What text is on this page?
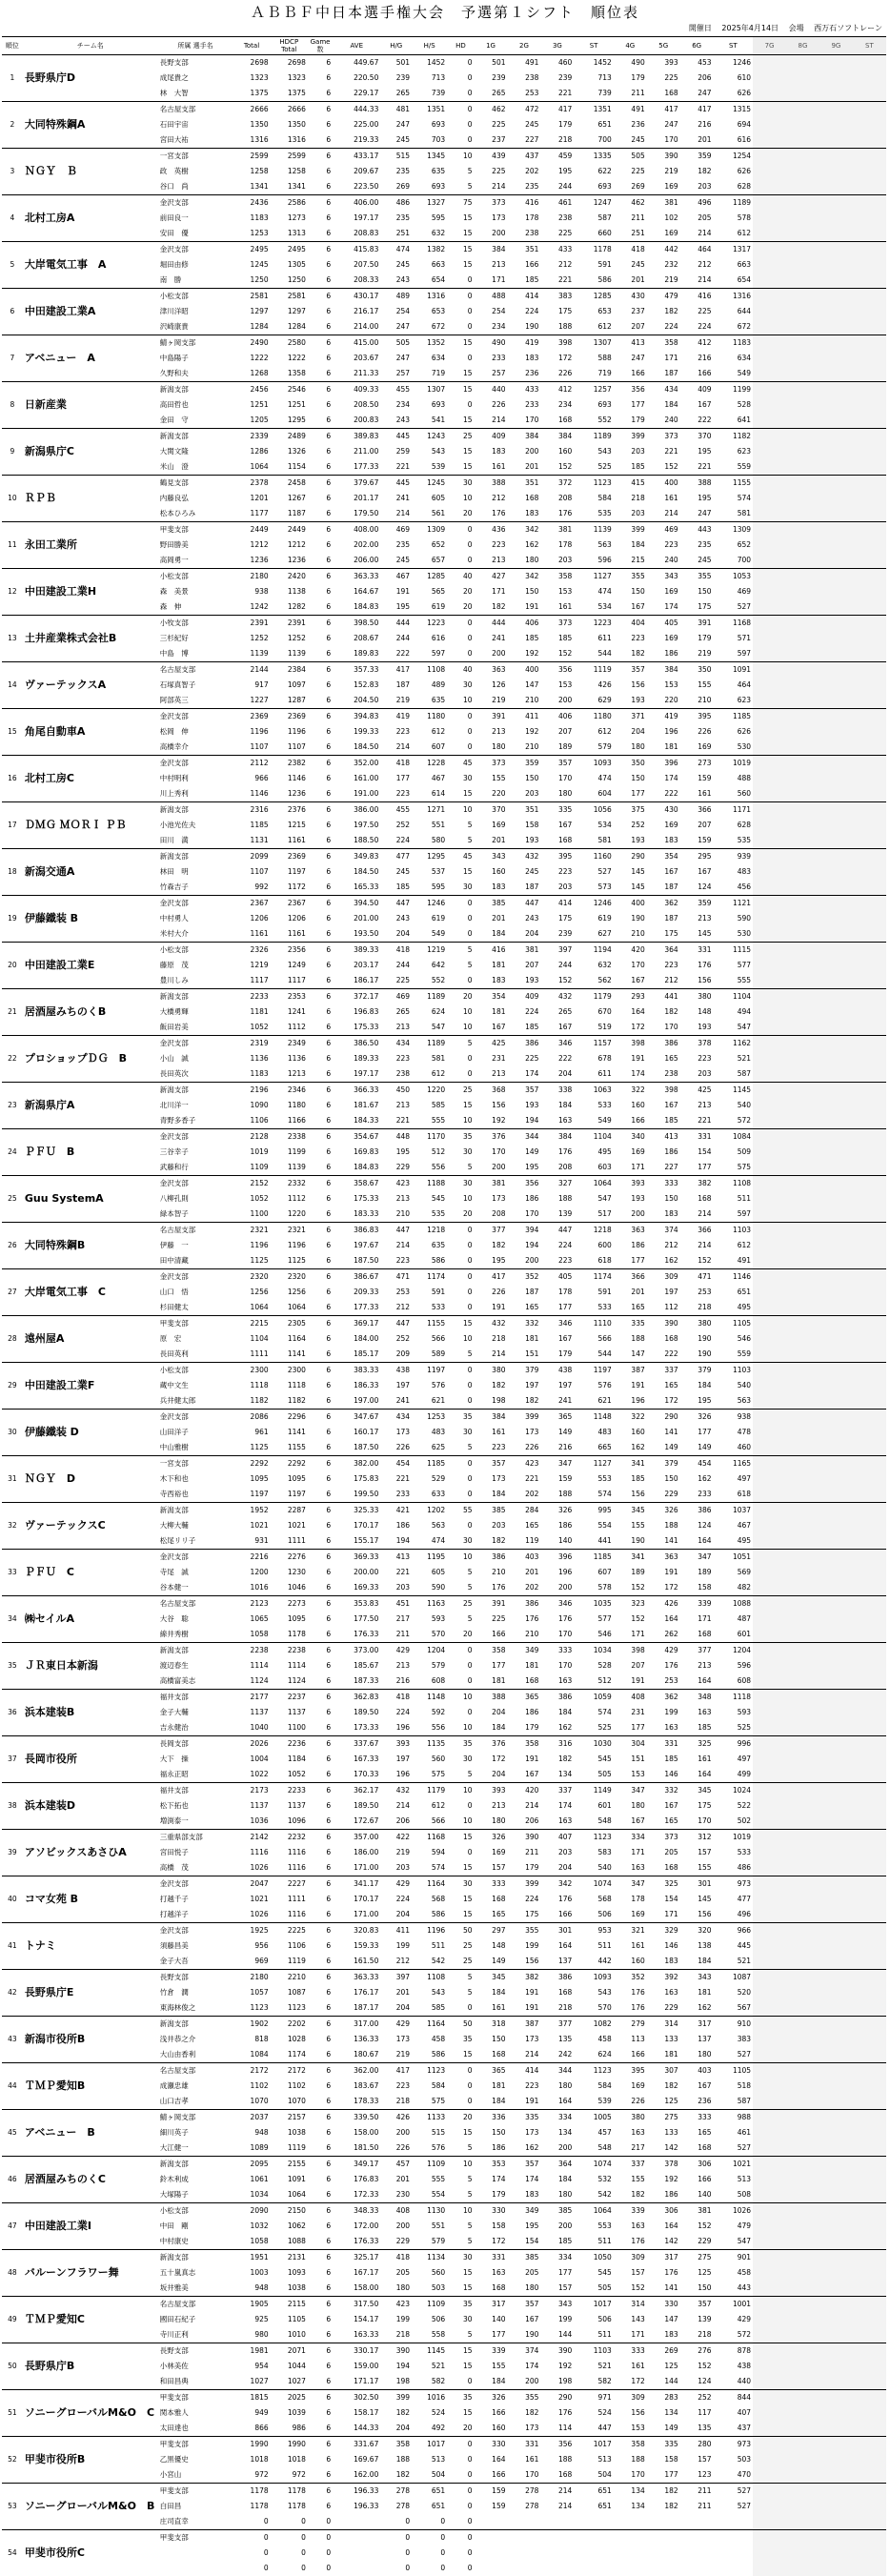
ＡＢＢＦ中日本選手権大会　予選第１シフト　順位表
開催日 2025年4月14日 会場 西万石ソフトレーン
順位	チーム名	所属 選手名	Total	HDCP Total	Game数	AVE	H/G	H/S	HD	1G	2G	3G	ST	4G	5G	6G	ST	7G	8G	9G	ST
1	長野県庁D	長野支部	2698	2698	6	449.67	501	1452	0	501	491	460	1452	490	393	453	1246				
		成尾貴之	1323	1323	6	220.50	239	713	0	239	238	239	713	179	225	206	610				
		林　大智	1375	1375	6	229.17	265	739	0	265	253	221	739	211	168	247	626				
2	大同特殊鋼A	名古屋支部	2666	2666	6	444.33	481	1351	0	462	472	417	1351	491	417	417	1315				
		石田宇宙	1350	1350	6	225.00	247	693	0	225	245	179	651	236	247	216	694				
		宮田大祐	1316	1316	6	219.33	245	703	0	237	227	218	700	245	170	201	616				
3	ＮＧＹ　Ｂ	一宮支部	2599	2599	6	433.17	515	1345	10	439	437	459	1335	505	390	359	1254				
		政　英樹	1258	1258	6	209.67	235	635	5	225	202	195	622	225	219	182	626				
		谷口　尚	1341	1341	6	223.50	269	693	5	214	235	244	693	269	169	203	628				
4	北村工房A	金沢支部	2436	2586	6	406.00	486	1327	75	373	416	461	1247	462	381	496	1189				
		前田良一	1183	1273	6	197.17	235	595	15	173	178	238	587	211	102	205	578				
		安田　優	1253	1313	6	208.83	251	632	15	200	238	225	660	251	169	214	612				
5	大岸電気工事　A	金沢支部	2495	2495	6	415.83	474	1382	15	384	351	433	1178	418	442	464	1317				
		堀田由修	1245	1305	6	207.50	245	663	15	213	166	212	591	245	232	212	663				
		南　勝	1250	1250	6	208.33	243	654	0	171	185	221	586	201	219	214	654				
6	中田建設工業A	小松支部	2581	2581	6	430.17	489	1316	0	488	414	383	1285	430	479	416	1316				
		津川洋昭	1297	1297	6	216.17	254	653	0	254	224	175	653	237	182	225	644				
		沢崎康貴	1284	1284	6	214.00	247	672	0	234	190	188	612	207	224	224	672				
7	アベニュー　A	鯖ヶ岡支部	2490	2580	6	415.00	505	1352	15	490	419	398	1307	413	358	412	1183				
		中島陽子	1222	1222	6	203.67	247	634	0	233	183	172	588	247	171	216	634				
		久野和夫	1268	1358	6	211.33	257	719	15	257	236	226	719	166	187	166	549				
8	日新産業	新潟支部	2456	2546	6	409.33	455	1307	15	440	433	412	1257	356	434	409	1199				
		高田哲也	1251	1251	6	208.50	234	693	0	226	233	234	693	177	184	167	528				
		金田　守	1205	1295	6	200.83	243	541	15	214	170	168	552	179	240	222	641				
9	新潟県庁C	新潟支部	2339	2489	6	389.83	445	1243	25	409	384	384	1189	399	373	370	1182				
		大関文隆	1286	1326	6	211.00	259	543	15	183	200	160	543	203	221	195	623				
		米山　澄	1064	1154	6	177.33	221	539	15	161	201	152	525	185	152	221	559				
10	ＲＰＢ	鶴見支部	2378	2458	6	379.67	445	1245	30	388	351	372	1123	415	400	388	1155				
		内藤良弘	1201	1267	6	201.17	241	605	10	212	168	208	584	218	161	195	574				
		松本ひろみ	1177	1187	6	179.50	214	561	20	176	183	176	535	203	214	247	581				
11	永田工業所	甲斐支部	2449	2449	6	408.00	469	1309	0	436	342	381	1139	399	469	443	1309				
		野田勝美	1212	1212	6	202.00	235	652	0	223	162	178	563	184	223	235	652				
		高岡勇一	1236	1236	6	206.00	245	657	0	213	180	203	596	215	240	245	700				
12	中田建設工業H	小松支部	2180	2420	6	363.33	467	1285	40	427	342	358	1127	355	343	355	1053				
		森　美景	938	1138	6	164.67	191	565	20	171	150	153	474	150	169	150	469				
		森　伸	1242	1282	6	184.83	195	619	20	182	191	161	534	167	174	175	527				
13	土井産業株式会社B	小牧支部	2391	2391	6	398.50	444	1223	0	444	406	373	1223	404	405	391	1168				
		三杉紀好	1252	1252	6	208.67	244	616	0	241	185	185	611	223	169	179	571				
		中島　博	1139	1139	6	189.83	222	597	0	200	192	152	544	182	186	219	597				
14	ヴァーテックスA	名古屋支部	2144	2384	6	357.33	417	1108	40	363	400	356	1119	357	384	350	1091				
		石塚真智子	917	1097	6	152.83	187	489	30	126	147	153	426	156	153	155	464				
		阿部英三	1227	1287	6	204.50	219	635	10	219	210	200	629	193	220	210	623				
15	角尾自動車A	金沢支部	2369	2369	6	394.83	419	1180	0	391	411	406	1180	371	419	395	1185				
		松岡　伸	1196	1196	6	199.33	223	612	0	213	192	207	612	204	196	226	626				
		高橋幸介	1107	1107	6	184.50	214	607	0	180	210	189	579	180	181	169	530				
16	北村工房C	金沢支部	2112	2382	6	352.00	418	1228	45	373	359	357	1093	350	396	273	1019				
		中村明利	966	1146	6	161.00	177	467	30	155	150	170	474	150	174	159	488				
		川上秀利	1146	1236	6	191.00	223	614	15	220	203	180	604	177	222	161	560				
17	ＤＭＧ ＭＯＲＩ ＰＢ	新潟支部	2316	2376	6	386.00	455	1271	10	370	351	335	1056	375	430	366	1171				
		小池光佐夫	1185	1215	6	197.50	252	551	5	169	158	167	534	252	169	207	628				
		田川　満	1131	1161	6	188.50	224	580	5	201	193	168	581	193	183	159	535				
18	新潟交通A	新潟支部	2099	2369	6	349.83	477	1295	45	343	432	395	1160	290	354	295	939				
		林田　明	1107	1197	6	184.50	245	537	15	160	245	223	527	145	167	167	483				
		竹森吉子	992	1172	6	165.33	185	595	30	183	187	203	573	145	187	124	456				
19	伊藤鐵装 B	金沢支部	2367	2367	6	394.50	447	1246	0	385	447	414	1246	400	362	359	1121				
		中村勇人	1206	1206	6	201.00	243	619	0	201	243	175	619	190	187	213	590				
		米村大介	1161	1161	6	193.50	204	549	0	184	204	239	627	210	175	145	530				
20	中田建設工業E	小松支部	2326	2356	6	389.33	418	1219	5	416	381	397	1194	420	364	331	1115				
		藤原　茂	1219	1249	6	203.17	244	642	5	181	207	244	632	170	223	176	577				
		豊川しみ	1117	1117	6	186.17	225	552	0	183	193	152	562	167	212	156	555				
21	居酒屋みちのくB	新潟支部	2233	2353	6	372.17	469	1189	20	354	409	432	1179	293	441	380	1104				
		大橋勇輝	1181	1241	6	196.83	265	624	10	181	224	265	670	164	182	148	494				
		飯田岩美	1052	1112	6	175.33	213	547	10	167	185	167	519	172	170	193	547				
22	プロショップＤＧ　B	金沢支部	2319	2349	6	386.50	434	1189	5	425	386	346	1157	398	386	378	1162				
		小山　誠	1136	1136	6	189.33	223	581	0	231	225	222	678	191	165	223	521				
		長田英次	1183	1213	6	197.17	238	612	0	213	174	204	611	174	238	203	587				
23	新潟県庁A	新潟支部	2196	2346	6	366.33	450	1220	25	368	357	338	1063	322	398	425	1145				
		北川洋一	1090	1180	6	181.67	213	585	15	156	193	184	533	160	167	213	540				
		青野多香子	1106	1166	6	184.33	221	555	10	192	194	163	549	166	185	221	572				
24	ＰＦＵ　B	金沢支部	2128	2338	6	354.67	448	1170	35	376	344	384	1104	340	413	331	1084				
		三谷幸子	1019	1199	6	169.83	195	512	30	170	149	176	495	169	186	154	509				
		武藤和行	1109	1139	6	184.83	229	556	5	200	195	208	603	171	227	177	575				
25	Guu SystemA	金沢支部	2152	2332	6	358.67	423	1188	30	381	356	327	1064	393	333	382	1108				
		八柳孔則	1052	1112	6	175.33	213	545	10	173	186	188	547	193	150	168	511				
		緑本智子	1100	1220	6	183.33	210	535	20	208	170	139	517	200	183	214	597				
26	大同特殊鋼B	名古屋支部	2321	2321	6	386.83	447	1218	0	377	394	447	1218	363	374	366	1103				
		伊藤　一	1196	1196	6	197.67	214	635	0	182	194	224	600	186	212	214	612				
		田中清藏	1125	1125	6	187.50	223	586	0	195	200	223	618	177	162	152	491				
27	大岸電気工事　C	金沢支部	2320	2320	6	386.67	471	1174	0	417	352	405	1174	366	309	471	1146				
		山口　悟	1256	1256	6	209.33	253	591	0	226	187	178	591	201	197	253	651				
		杉田健太	1064	1064	6	177.33	212	533	0	191	165	177	533	165	112	218	495				
28	遠州屋A	甲斐支部	2215	2305	6	369.17	447	1155	15	432	332	346	1110	335	390	380	1105				
		原　宏	1104	1164	6	184.00	252	566	10	218	181	167	566	188	168	190	546				
		長田英利	1111	1141	6	185.17	209	589	5	214	151	179	544	147	222	190	559				
29	中田建設工業F	小松支部	2300	2300	6	383.33	438	1197	0	380	379	438	1197	387	337	379	1103				
		蔵中文生	1118	1118	6	186.33	197	576	0	182	197	197	576	191	165	184	540				
		兵井健太郎	1182	1182	6	197.00	241	621	0	198	182	241	621	196	172	195	563				
30	伊藤鐵装 D	金沢支部	2086	2296	6	347.67	434	1253	35	384	399	365	1148	322	290	326	938				
		山田洋子	961	1141	6	160.17	173	483	30	161	173	149	483	160	141	177	478				
		中山雅樹	1125	1155	6	187.50	226	625	5	223	226	216	665	162	149	149	460				
31	ＮＧＹ　D	一宮支部	2292	2292	6	382.00	454	1185	0	357	423	347	1127	341	379	454	1165				
		木下和也	1095	1095	6	175.83	221	529	0	173	221	159	553	185	150	162	497				
		寺西裕也	1197	1197	6	199.50	233	633	0	184	202	188	574	156	229	233	618				
32	ヴァーテックスC	新潟支部	1952	2287	6	325.33	421	1202	55	385	284	326	995	345	326	386	1037				
		大柳大輔	1021	1021	6	170.17	186	563	0	203	165	186	554	155	188	124	467				
		松尾リリ子	931	1111	6	155.17	194	474	30	182	119	140	441	190	141	164	495				
33	ＰＦＵ　C	金沢支部	2216	2276	6	369.33	413	1195	10	386	403	396	1185	341	363	347	1051				
		寺尾　誠	1200	1230	6	200.00	221	605	5	210	201	196	607	189	191	189	569				
		谷本健一	1016	1046	6	169.33	203	590	5	176	202	200	578	152	172	158	482				
34	㈱セイルA	名古屋支部	2123	2273	6	353.83	451	1163	25	391	386	346	1035	323	426	339	1088				
		大谷　聡	1065	1095	6	177.50	217	593	5	225	176	176	577	152	164	171	487				
		線井秀樹	1058	1178	6	176.33	211	570	20	166	210	170	546	171	262	168	601				
35	ＪＲ東日本新潟	新潟支部	2238	2238	6	373.00	429	1204	0	358	349	333	1034	398	429	377	1204				
		渡辺春生	1114	1114	6	185.67	213	579	0	177	181	170	528	207	176	213	596				
		高橋富美志	1124	1124	6	187.33	216	608	0	181	168	163	512	191	253	164	608				
36	浜本建装B	福井支部	2177	2237	6	362.83	418	1148	10	388	365	386	1059	408	362	348	1118				
		金子大輔	1137	1137	6	189.50	224	592	0	204	186	184	574	231	199	163	593				
		吉永健治	1040	1100	6	173.33	196	556	10	184	179	162	525	177	163	185	525				
37	長岡市役所	長岡支部	2026	2236	6	337.67	393	1135	35	376	358	316	1030	304	331	325	996				
		大下　操	1004	1184	6	167.33	197	560	30	172	191	182	545	151	185	161	497				
		福永正昭	1022	1052	6	170.33	196	575	5	204	167	134	505	153	146	164	499				
38	浜本建装D	福井支部	2173	2233	6	362.17	432	1179	10	393	420	337	1149	347	332	345	1024				
		松下拓也	1137	1137	6	189.50	214	612	0	213	214	174	601	180	167	175	522				
		増渕泰一	1036	1096	6	172.67	206	566	10	180	206	163	548	167	165	170	502				
39	アソビックスあさひA	三重県部支部	2142	2232	6	357.00	422	1168	15	326	390	407	1123	334	373	312	1019				
		宮田悦子	1116	1116	6	186.00	219	594	0	169	211	203	583	171	205	157	533				
		高橋　茂	1026	1116	6	171.00	203	574	15	157	179	204	540	163	168	155	486				
40	コマ女苑 B	金沢支部	2047	2227	6	341.17	429	1164	30	333	399	342	1074	347	325	301	973				
		打越千子	1021	1111	6	170.17	224	568	15	168	224	176	568	178	154	145	477				
		打越洋子	1026	1116	6	171.00	204	586	15	165	175	166	506	169	171	156	496				
41	トナミ	金沢支部	1925	2225	6	320.83	411	1196	50	297	355	301	953	321	329	320	966				
		須藤昌美	956	1106	6	159.33	199	511	25	148	199	164	511	161	146	138	445				
		金子大吾	969	1119	6	161.50	212	542	25	149	156	137	442	160	183	184	521				
42	長野県庁E	長野支部	2180	2210	6	363.33	397	1108	5	345	382	386	1093	352	392	343	1087				
		竹倉　潤	1057	1087	6	176.17	201	543	5	184	191	168	543	176	163	181	520				
		東海林俊之	1123	1123	6	187.17	204	585	0	161	191	218	570	176	229	162	567				
43	新潟市役所B	新潟支部	1902	2202	6	317.00	429	1164	50	318	387	377	1082	279	314	317	910				
		浅井恭之介	818	1028	6	136.33	173	458	35	150	173	135	458	113	133	137	383				
		大山由香利	1084	1174	6	180.67	219	586	15	168	214	242	624	166	181	180	527				
44	ＴＭＰ愛知B	名古屋支部	2172	2172	6	362.00	417	1123	0	365	414	344	1123	395	307	403	1105				
		成瀬忠雄	1102	1102	6	183.67	223	584	0	181	223	180	584	169	182	167	518				
		山口吉孝	1070	1070	6	178.33	218	575	0	184	191	164	539	226	125	236	587				
45	アベニュー　B	鯖ヶ岡支部	2037	2157	6	339.50	426	1133	20	336	335	334	1005	380	275	333	988				
		細川英子	948	1038	6	158.00	200	515	15	150	173	134	457	163	133	165	461				
		大江健一	1089	1119	6	181.50	226	576	5	186	162	200	548	217	142	168	527				
46	居酒屋みちのくC	新潟支部	2095	2155	6	349.17	457	1109	10	353	357	364	1074	337	378	306	1021				
		鈴木利成	1061	1091	6	176.83	201	555	5	174	174	184	532	155	192	166	513				
		大塚陽子	1034	1064	6	172.33	230	554	5	179	183	180	542	182	186	140	508				
47	中田建設工業I	小松支部	2090	2150	6	348.33	408	1130	10	330	349	385	1064	339	306	381	1026				
		中田　剛	1032	1062	6	172.00	200	551	5	158	195	200	553	163	164	152	479				
		中村康史	1058	1088	6	176.33	229	579	5	172	154	185	511	176	142	229	547				
48	バルーンフラワー舞	新潟支部	1951	2131	6	325.17	418	1134	30	331	385	334	1050	309	317	275	901				
		五十嵐真志	1003	1093	6	167.17	205	560	15	163	205	177	545	157	176	125	458				
		坂井雅美	948	1038	6	158.00	180	503	15	168	180	157	505	152	141	150	443				
49	ＴＭＰ愛知C	名古屋支部	1905	2115	6	317.50	423	1109	35	317	357	343	1017	314	330	357	1001				
		國田石紀子	925	1105	6	154.17	199	506	30	140	167	199	506	143	147	139	429				
		寺川正利	980	1010	6	163.33	218	558	5	177	190	144	511	171	183	218	572				
50	長野県庁B	長野支部	1981	2071	6	330.17	390	1145	15	339	374	390	1103	333	269	276	878				
		小林美佐	954	1044	6	159.00	194	521	15	155	174	192	521	161	125	152	438				
		和田昌典	1027	1027	6	171.17	198	582	0	184	200	198	582	172	144	124	440				
51	ソニーグローバルM&O　C	甲斐支部	1815	2025	6	302.50	399	1016	35	326	355	290	971	309	283	252	844				
		関本雅人	949	1039	6	158.17	182	524	15	166	182	176	524	156	134	117	407				
		太田達也	866	986	6	144.33	204	492	20	160	173	114	447	153	149	135	437				
52	甲斐市役所B	甲斐支部	1990	1990	6	331.67	358	1017	0	330	331	356	1017	358	335	280	973				
		乙黒優史	1018	1018	6	169.67	188	513	0	164	161	188	513	188	158	157	503				
		小宮山　	972	972	6	162.00	182	504	0	166	170	168	504	170	177	123	470				
53	ソニーグローバルM&O　B	甲斐支部	1178	1178	6	196.33	278	651	0	159	278	214	651	134	182	211	527				
		白田昌	1178	1178	6	196.33	278	651	0	159	278	214	651	134	182	211	527				
		庄司直幸	0	0	0		0	0	0												
54	甲斐市役所C	甲斐支部	0	0	0		0	0	0												
			0	0	0		0	0	0												
			0	0	0		0	0	0												
